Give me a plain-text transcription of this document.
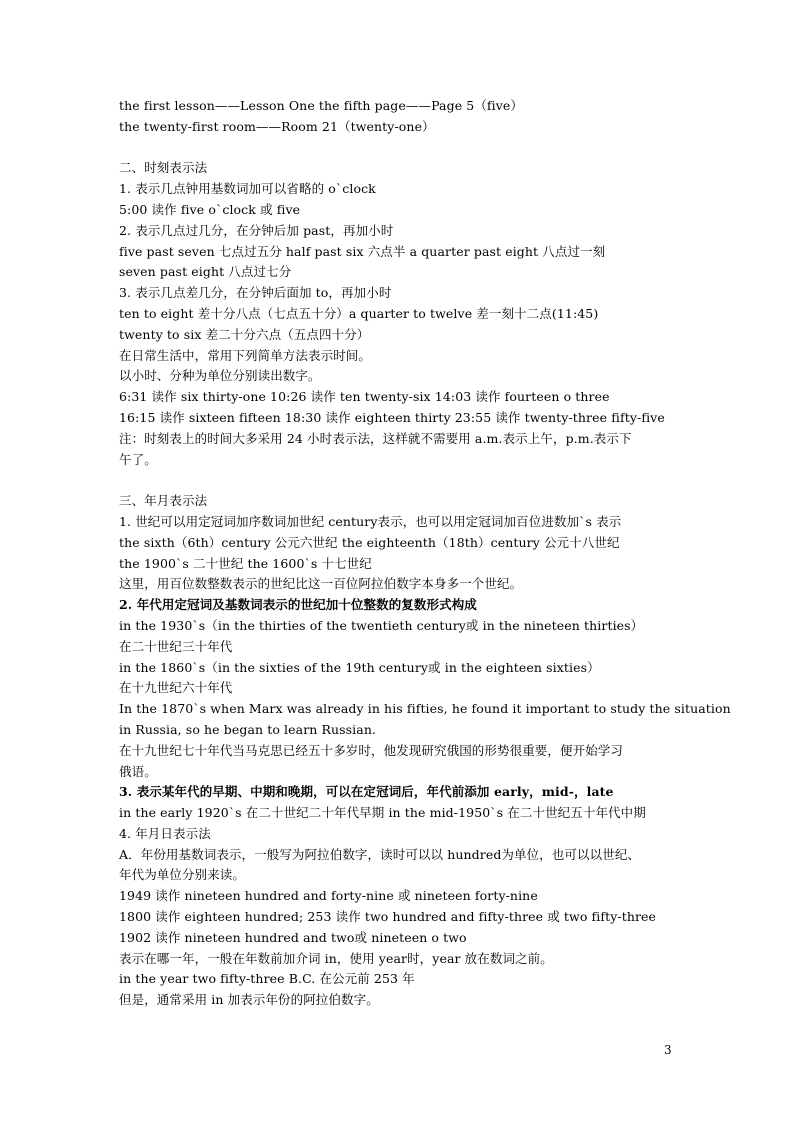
the first lesson——Lesson One the fifth page——Page 5（five）
the twenty-first room——Room 21（twenty-one）
二、时刻表示法
1. 表示几点钟用基数词加可以省略的 o`clock
5:00 读作 five o`clock 或 five
2. 表示几点过几分，在分钟后加 past，再加小时
five past seven 七点过五分 half past six 六点半 a quarter past eight 八点过一刻
seven past eight 八点过七分
3. 表示几点差几分，在分钟后面加 to，再加小时
ten to eight 差十分八点（七点五十分）a quarter to twelve 差一刻十二点(11:45)
twenty to six 差二十分六点（五点四十分）
在日常生活中，常用下列简单方法表示时间。
以小时、分种为单位分别读出数字。
6:31 读作 six thirty-one 10:26 读作 ten twenty-six 14:03 读作 fourteen o three
16:15 读作 sixteen fifteen 18:30 读作 eighteen thirty 23:55 读作 twenty-three fifty-five
注：时刻表上的时间大多采用 24 小时表示法，这样就不需要用 a.m.表示上午，p.m.表示下
午了。
三、年月表示法
1. 世纪可以用定冠词加序数词加世纪 century表示，也可以用定冠词加百位进数加`s 表示
the sixth（6th）century 公元六世纪 the eighteenth（18th）century 公元十八世纪
the 1900`s 二十世纪 the 1600`s 十七世纪
这里，用百位数整数表示的世纪比这一百位阿拉伯数字本身多一个世纪。
2. 年代用定冠词及基数词表示的世纪加十位整数的复数形式构成
in the 1930`s（in the thirties of the twentieth century或 in the nineteen thirties）
在二十世纪三十年代
in the 1860`s（in the sixties of the 19th century或 in the eighteen sixties）
在十九世纪六十年代
In the 1870`s when Marx was already in his fifties, he found it important to study the situation
in Russia, so he began to learn Russian.
在十九世纪七十年代当马克思已经五十多岁时，他发现研究俄国的形势很重要，便开始学习
俄语。
3. 表示某年代的早期、中期和晚期，可以在定冠词后，年代前添加 early，mid-，late
in the early 1920`s 在二十世纪二十年代早期 in the mid-1950`s 在二十世纪五十年代中期
4. 年月日表示法
A．年份用基数词表示，一般写为阿拉伯数字，读时可以以 hundred为单位，也可以以世纪、
年代为单位分别来读。
1949 读作 nineteen hundred and forty-nine 或 nineteen forty-nine
1800 读作 eighteen hundred; 253 读作 two hundred and fifty-three 或 two fifty-three
1902 读作 nineteen hundred and two或 nineteen o two
表示在哪一年，一般在年数前加介词 in，使用 year时，year 放在数词之前。
in the year two fifty-three B.C. 在公元前 253 年
但是，通常采用 in 加表示年份的阿拉伯数字。
3
